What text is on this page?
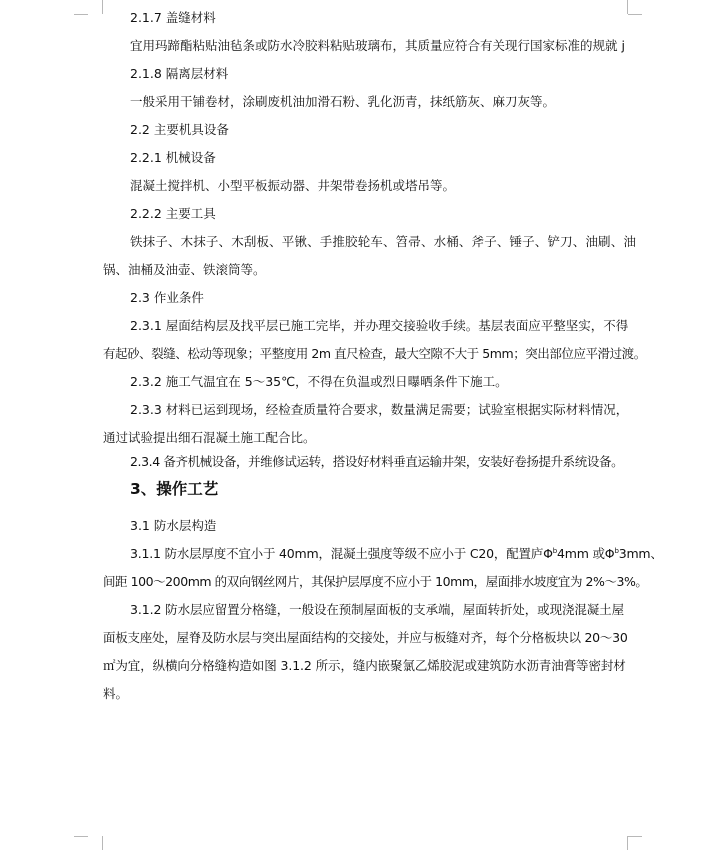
2.1.7 盖缝材料
宜用玛蹄酯粘贴油毡条或防水冷胶料粘贴玻璃布，其质量应符合有关现行国家标准的规就 j
2.1.8 隔离层材料
一般采用干铺卷材，涂刷废机油加滑石粉、乳化沥青，抹纸筋灰、麻刀灰等。
2.2 主要机具设备
2.2.1 机械设备
混凝土搅拌机、小型平板振动器、井架带卷扬机或塔吊等。
2.2.2 主要工具
铁抹子、木抹子、木刮板、平锹、手推胶轮车、笤帚、水桶、斧子、锤子、铲刀、油刷、油
锅、油桶及油壶、铁滚筒等。
2.3 作业条件
2.3.1 屋面结构层及找平层已施工完毕，并办理交接验收手续。基层表面应平整坚实，不得
有起砂、裂缝、松动等现象；平整度用 2m 直尺检查，最大空隙不大于 5mm；突出部位应平滑过渡。
2.3.2 施工气温宜在 5～35℃，不得在负温或烈日曝晒条件下施工。
2.3.3 材料已运到现场，经检查质量符合要求，数量满足需要；试验室根据实际材料情况，
通过试验提出细石混凝土施工配合比。
2.3.4 备齐机械设备，并维修试运转，搭设好材料垂直运输井架，安装好卷扬提升系统设备。
3、操作工艺
3.1 防水层构造
3.1.1 防水层厚度不宜小于 40mm，混凝土强度等级不应小于 C20，配置庐$\Phi^b4mm$ 或$\Phi^b3mm$、
间距 100～200mm 的双向钢丝网片，其保护层厚度不应小于 10mm，屋面排水坡度宜为 2%～3%。
3.1.2 防水层应留置分格缝，一般设在预制屋面板的支承端，屋面转折处，或现浇混凝土屋
面板支座处，屋脊及防水层与突出屋面结构的交接处，并应与板缝对齐，每个分格板块以 20～30
㎡为宜，纵横向分格缝构造如图 3.1.2 所示，缝内嵌聚氯乙烯胶泥或建筑防水沥青油膏等密封材
料。
